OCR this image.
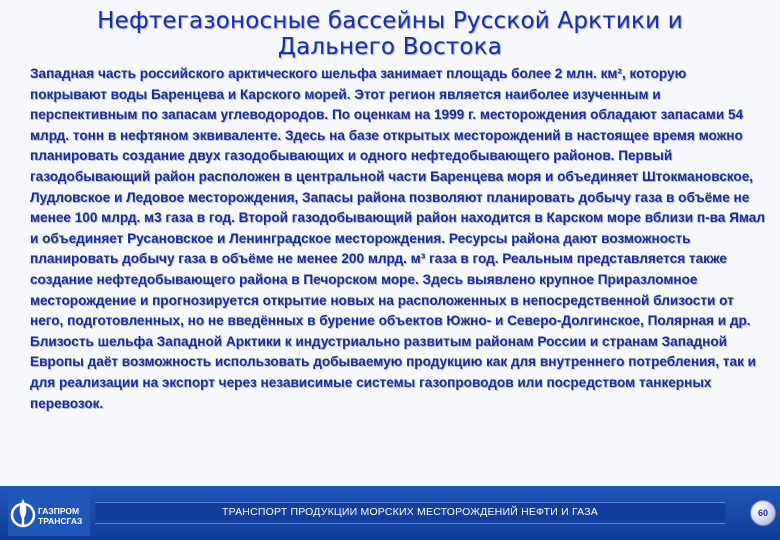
Нефтегазоносные бассейны Русской Арктики и Дальнего Востока

Западная часть российского арктического шельфа занимает площадь более 2 млн. км², которую покрывают воды Баренцева и Карского морей. Этот регион является наиболее изученным и перспективным по запасам углеводородов. По оценкам на 1999 г. месторождения обладают запасами 54 млрд. тонн в нефтяном эквиваленте. Здесь на базе открытых месторождений в настоящее время можно планировать создание двух газодобывающих и одного нефтедобывающего районов. Первый газодобывающий район расположен в центральной части Баренцева моря и объединяет Штокмановское, Лудловское и Ледовое месторождения, Запасы района позволяют планировать добычу газа в объёме не менее 100 млрд. м3 газа в год. Второй газодобывающий район находится в Карском море вблизи п-ва Ямал и объединяет Русановское и Ленинградское месторождения. Ресурсы района дают возможность планировать добычу газа в объёме не менее 200 млрд. м³ газа в год. Реальным представляется также создание нефтедобывающего района в Печорском море. Здесь выявлено крупное Приразломное месторождение и прогнозируется открытие новых на расположенных в непосредственной близости от него, подготовленных, но не введённых в бурение объектов Южно- и Северо-Долгинское, Полярная и др.

Близость шельфа Западной Арктики к индустриально развитым районам России и странам Западной Европы даёт возможность использовать добываемую продукцию как для внутреннего потребления, так и для реализации на экспорт через независимые системы газопроводов или посредством танкерных перевозок.

ГАЗПРОМ
ТРАНСГАЗ
ТРАНСПОРТ ПРОДУКЦИИ МОРСКИХ МЕСТОРОЖДЕНИЙ НЕФТИ И ГАЗА	60
